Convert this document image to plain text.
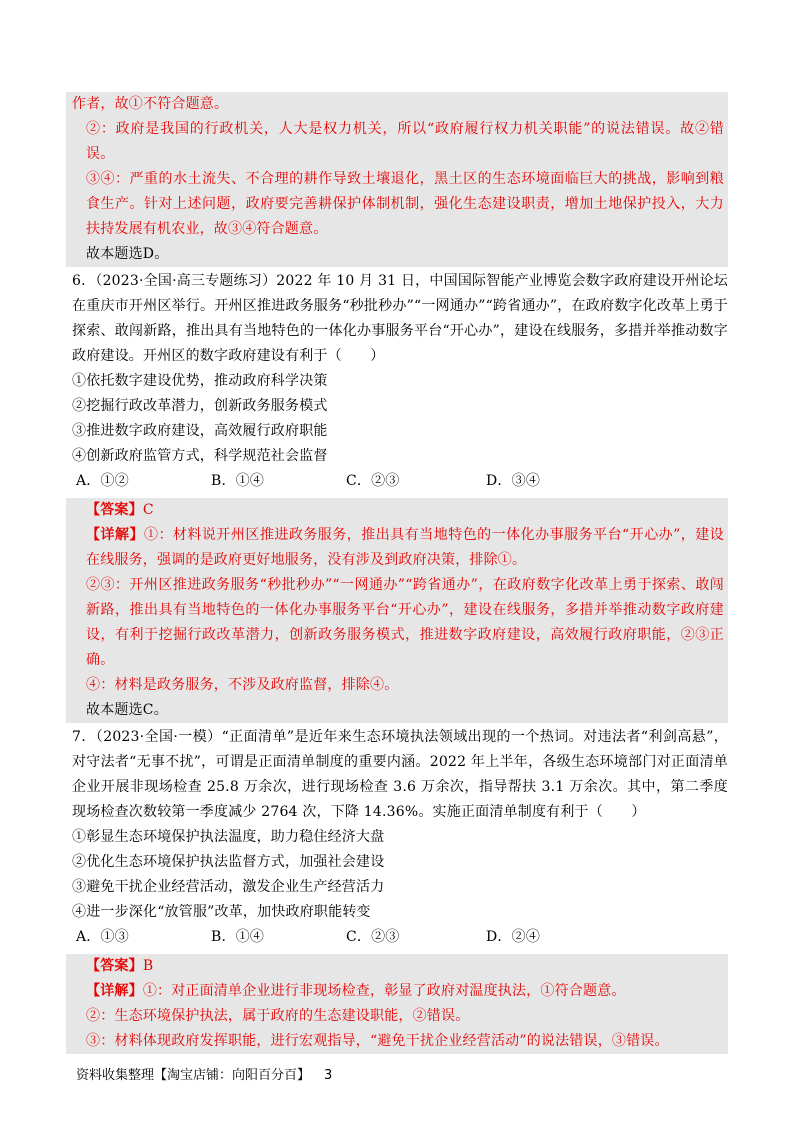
作者，故①不符合题意。

②：政府是我国的行政机关，人大是权力机关，所以“政府履行权力机关职能”的说法错误。故②错误。

③④：严重的水土流失、不合理的耕作导致土壤退化，黑土区的生态环境面临巨大的挑战，影响到粮食生产。针对上述问题，政府要完善耕保护体制机制，强化生态建设职责，增加土地保护投入，大力扶持发展有机农业，故③④符合题意。

故本题选D。

6．（2023·全国·高三专题练习）2022 年 10 月 31 日，中国国际智能产业博览会数字政府建设开州论坛在重庆市开州区举行。开州区推进政务服务“秒批秒办”“一网通办”“跨省通办”，在政府数字化改革上勇于探索、敢闯新路，推出具有当地特色的一体化办事服务平台“开心办”，建设在线服务，多措并举推动数字政府建设。开州区的数字政府建设有利于（　　）

①依托数字建设优势，推动政府科学决策

②挖掘行政改革潜力，创新政务服务模式

③推进数字政府建设，高效履行政府职能

④创新政府监管方式，科学规范社会监督

A．①②	B．①④	C．②③	D．③④

【答案】C

【详解】①：材料说开州区推进政务服务，推出具有当地特色的一体化办事服务平台“开心办”，建设在线服务，强调的是政府更好地服务，没有涉及到政府决策，排除①。

②③：开州区推进政务服务“秒批秒办”“一网通办”“跨省通办”，在政府数字化改革上勇于探索、敢闯新路，推出具有当地特色的一体化办事服务平台“开心办”，建设在线服务，多措并举推动数字政府建设，有利于挖掘行政改革潜力，创新政务服务模式，推进数字政府建设，高效履行政府职能，②③正确。

④：材料是政务服务，不涉及政府监督，排除④。

故本题选C。

7．（2023·全国·一模）“正面清单”是近年来生态环境执法领域出现的一个热词。对违法者“利剑高悬”，对守法者“无事不扰”，可谓是正面清单制度的重要内涵。2022 年上半年，各级生态环境部门对正面清单企业开展非现场检查 25.8 万余次，进行现场检查 3.6 万余次，指导帮扶 3.1 万余次。其中，第二季度现场检查次数较第一季度减少 2764 次，下降 14.36%。实施正面清单制度有利于（　　）

①彰显生态环境保护执法温度，助力稳住经济大盘

②优化生态环境保护执法监督方式，加强社会建设

③避免干扰企业经营活动，激发企业生产经营活力

④进一步深化“放管服”改革，加快政府职能转变

A．①③	B．①④	C．②③	D．②④

【答案】B

【详解】①：对正面清单企业进行非现场检查，彰显了政府对温度执法，①符合题意。

②：生态环境保护执法，属于政府的生态建设职能，②错误。

③：材料体现政府发挥职能，进行宏观指导，“避免干扰企业经营活动”的说法错误，③错误。

资料收集整理【淘宝店铺：向阳百分百】 3
